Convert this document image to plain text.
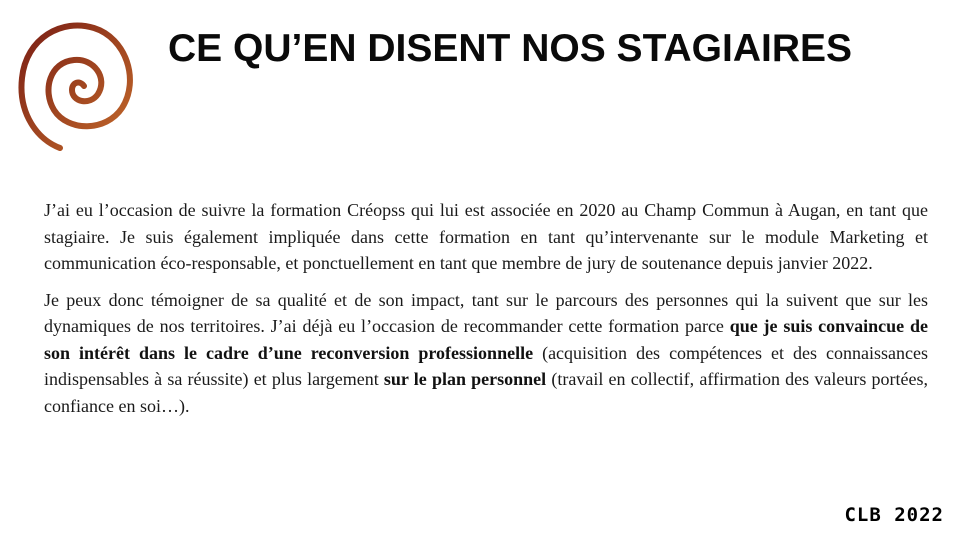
CE QU’EN DISENT NOS STAGIAIRES

J’ai eu l’occasion de suivre la formation Créopss qui lui est associée en 2020 au Champ Commun à Augan, en tant que stagiaire. Je suis également impliquée dans cette formation en tant qu’intervenante sur le module Marketing et communication éco-responsable, et ponctuellement en tant que membre de jury de soutenance depuis janvier 2022.

Je peux donc témoigner de sa qualité et de son impact, tant sur le parcours des personnes qui la suivent que sur les dynamiques de nos territoires. J’ai déjà eu l’occasion de recommander cette formation parce que je suis convaincue de son intérêt dans le cadre d’une reconversion professionnelle (acquisition des compétences et des connaissances indispensables à sa réussite) et plus largement sur le plan personnel (travail en collectif, affirmation des valeurs portées, confiance en soi…).

CLB 2022
